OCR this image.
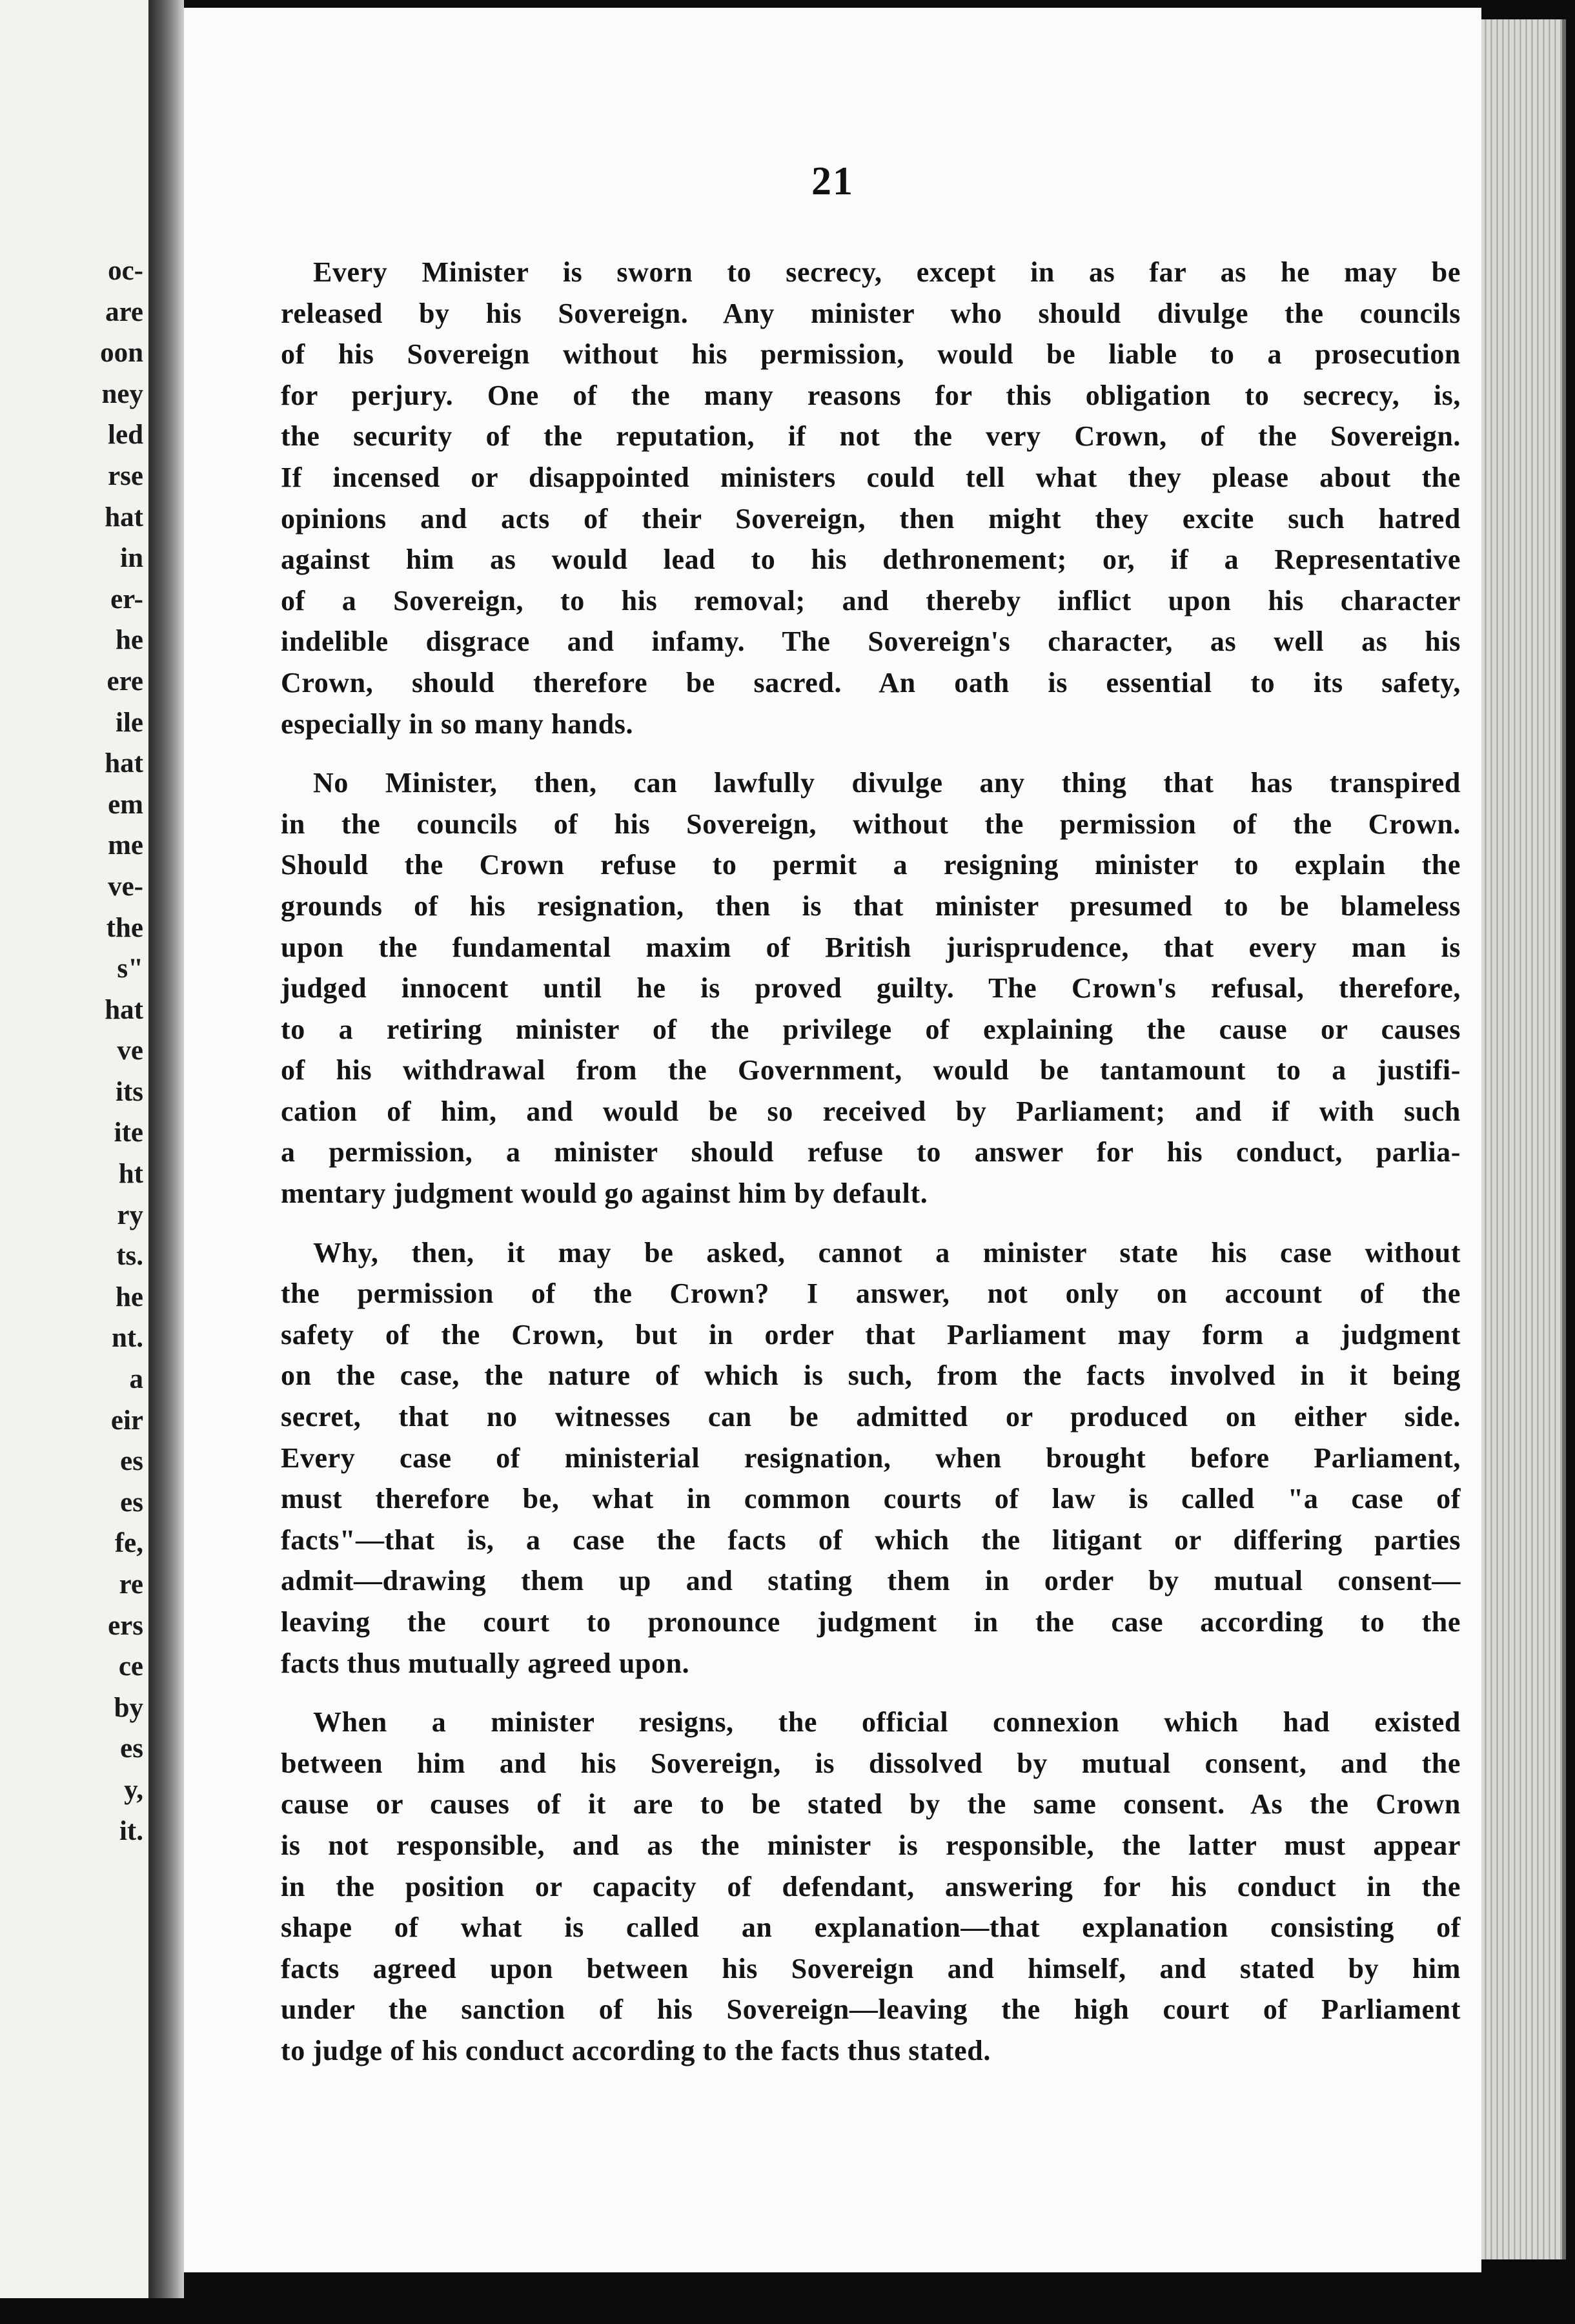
oc-
are
oon
ney
led
rse
hat
in
er-
he
ere
ile
hat
em
me
ve-
the
s"
hat
ve
its
ite
ht
ry
ts.
he
nt.
a
eir
es
es
fe,
re
ers
ce
by
es
y,
it.
21
Every Minister is sworn to secrecy, except in as far as he may be
released by his Sovereign. Any minister who should divulge the councils
of his Sovereign without his permission, would be liable to a prosecution
for perjury. One of the many reasons for this obligation to secrecy, is,
the security of the reputation, if not the very Crown, of the Sovereign.
If incensed or disappointed ministers could tell what they please about the
opinions and acts of their Sovereign, then might they excite such hatred
against him as would lead to his dethronement; or, if a Representative
of a Sovereign, to his removal; and thereby inflict upon his character
indelible disgrace and infamy. The Sovereign's character, as well as his
Crown, should therefore be sacred. An oath is essential to its safety,
especially in so many hands.
No Minister, then, can lawfully divulge any thing that has transpired
in the councils of his Sovereign, without the permission of the Crown.
Should the Crown refuse to permit a resigning minister to explain the
grounds of his resignation, then is that minister presumed to be blameless
upon the fundamental maxim of British jurisprudence, that every man is
judged innocent until he is proved guilty. The Crown's refusal, therefore,
to a retiring minister of the privilege of explaining the cause or causes
of his withdrawal from the Government, would be tantamount to a justifi-
cation of him, and would be so received by Parliament; and if with such
a permission, a minister should refuse to answer for his conduct, parlia-
mentary judgment would go against him by default.
Why, then, it may be asked, cannot a minister state his case without
the permission of the Crown? I answer, not only on account of the
safety of the Crown, but in order that Parliament may form a judgment
on the case, the nature of which is such, from the facts involved in it being
secret, that no witnesses can be admitted or produced on either side.
Every case of ministerial resignation, when brought before Parliament,
must therefore be, what in common courts of law is called "a case of
facts"—that is, a case the facts of which the litigant or differing parties
admit—drawing them up and stating them in order by mutual consent—
leaving the court to pronounce judgment in the case according to the
facts thus mutually agreed upon.
When a minister resigns, the official connexion which had existed
between him and his Sovereign, is dissolved by mutual consent, and the
cause or causes of it are to be stated by the same consent. As the Crown
is not responsible, and as the minister is responsible, the latter must appear
in the position or capacity of defendant, answering for his conduct in the
shape of what is called an explanation—that explanation consisting of
facts agreed upon between his Sovereign and himself, and stated by him
under the sanction of his Sovereign—leaving the high court of Parliament
to judge of his conduct according to the facts thus stated.
